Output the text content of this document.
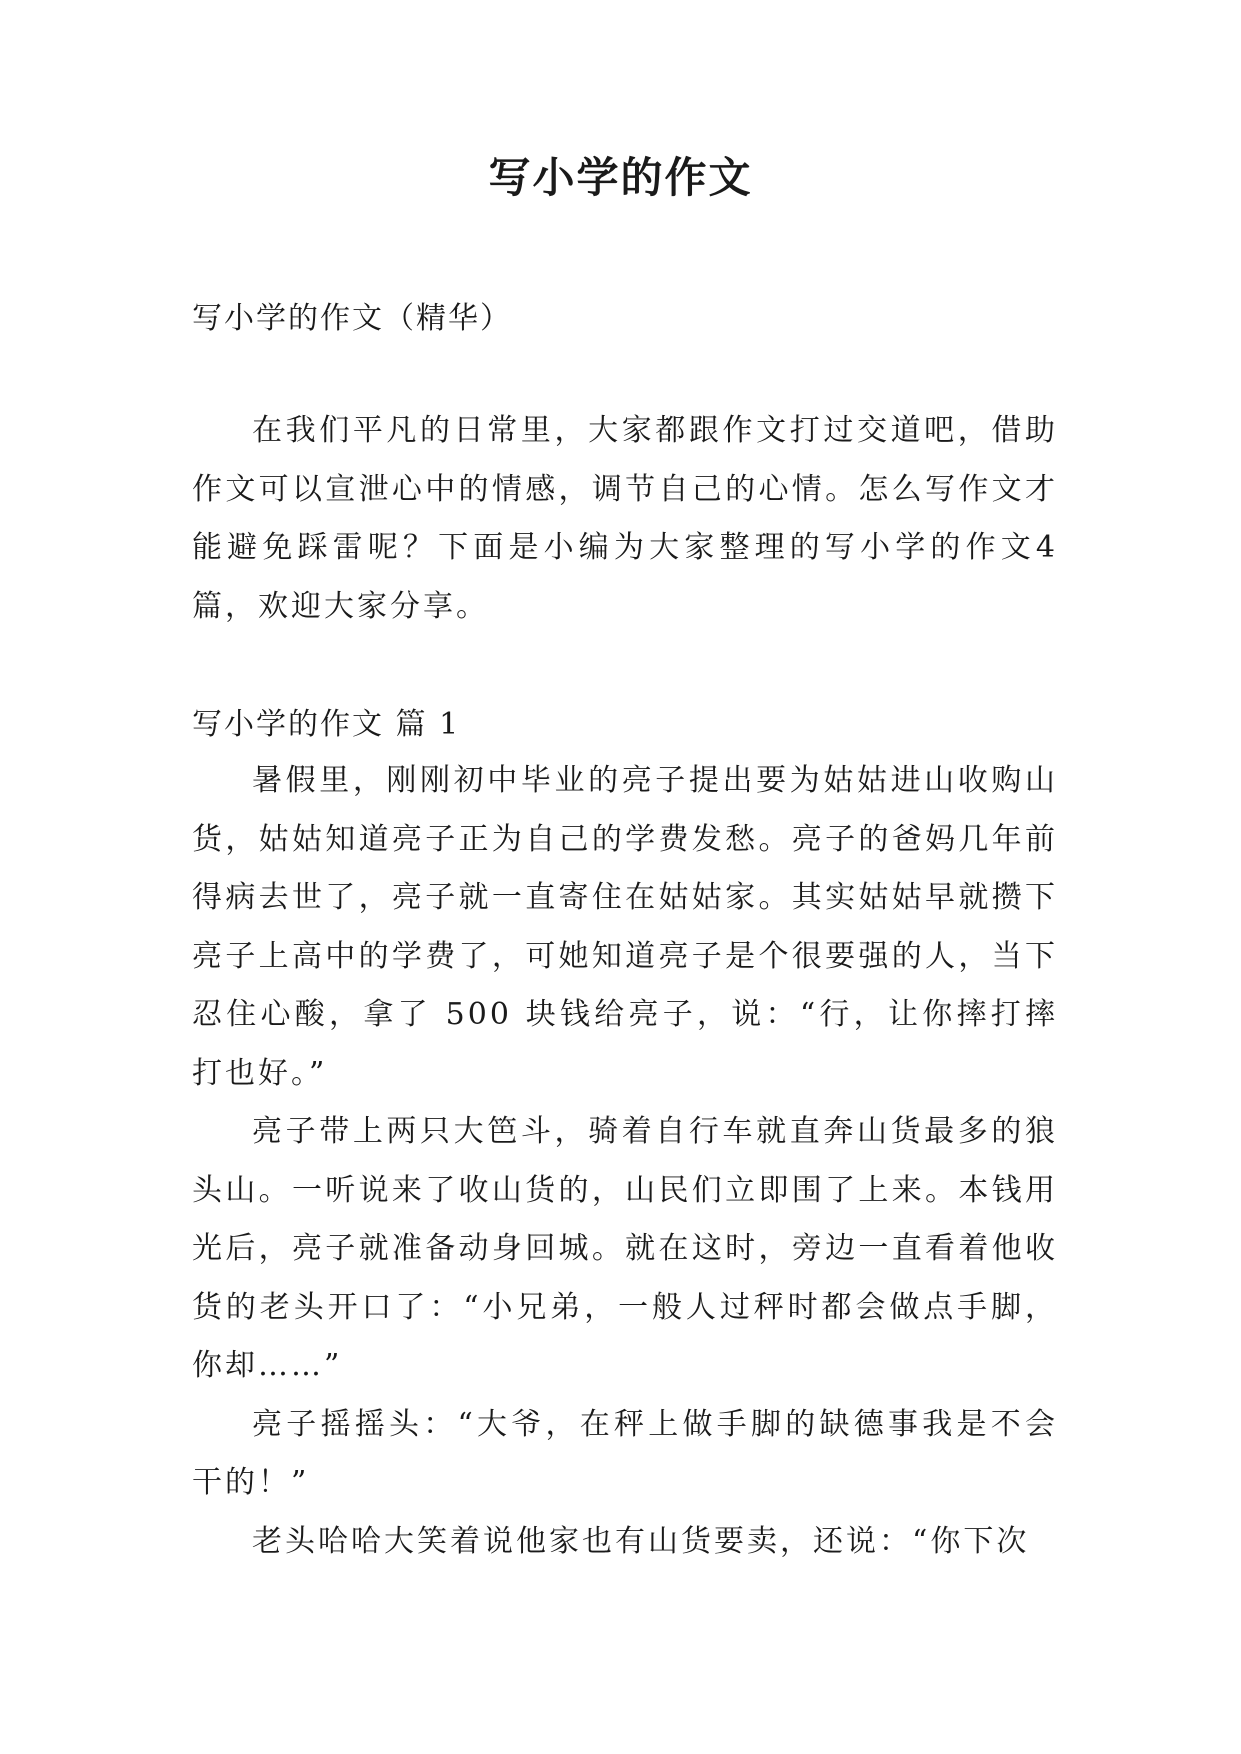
写小学的作文
写小学的作文（精华）

在我们平凡的日常里，大家都跟作文打过交道吧，借助作文可以宣泄心中的情感，调节自己的心情。怎么写作文才能避免踩雷呢？下面是小编为大家整理的写小学的作文4篇，欢迎大家分享。

写小学的作文 篇 1

暑假里，刚刚初中毕业的亮子提出要为姑姑进山收购山货，姑姑知道亮子正为自己的学费发愁。亮子的爸妈几年前得病去世了，亮子就一直寄住在姑姑家。其实姑姑早就攒下亮子上高中的学费了，可她知道亮子是个很要强的人，当下忍住心酸，拿了 500 块钱给亮子，说：“行，让你摔打摔打也好。”

亮子带上两只大笆斗，骑着自行车就直奔山货最多的狼头山。一听说来了收山货的，山民们立即围了上来。本钱用光后，亮子就准备动身回城。就在这时，旁边一直看着他收货的老头开口了：“小兄弟，一般人过秤时都会做点手脚，你却……”

亮子摇摇头：“大爷，在秤上做手脚的缺德事我是不会干的！”

老头哈哈大笑着说他家也有山货要卖，还说：“你下次
